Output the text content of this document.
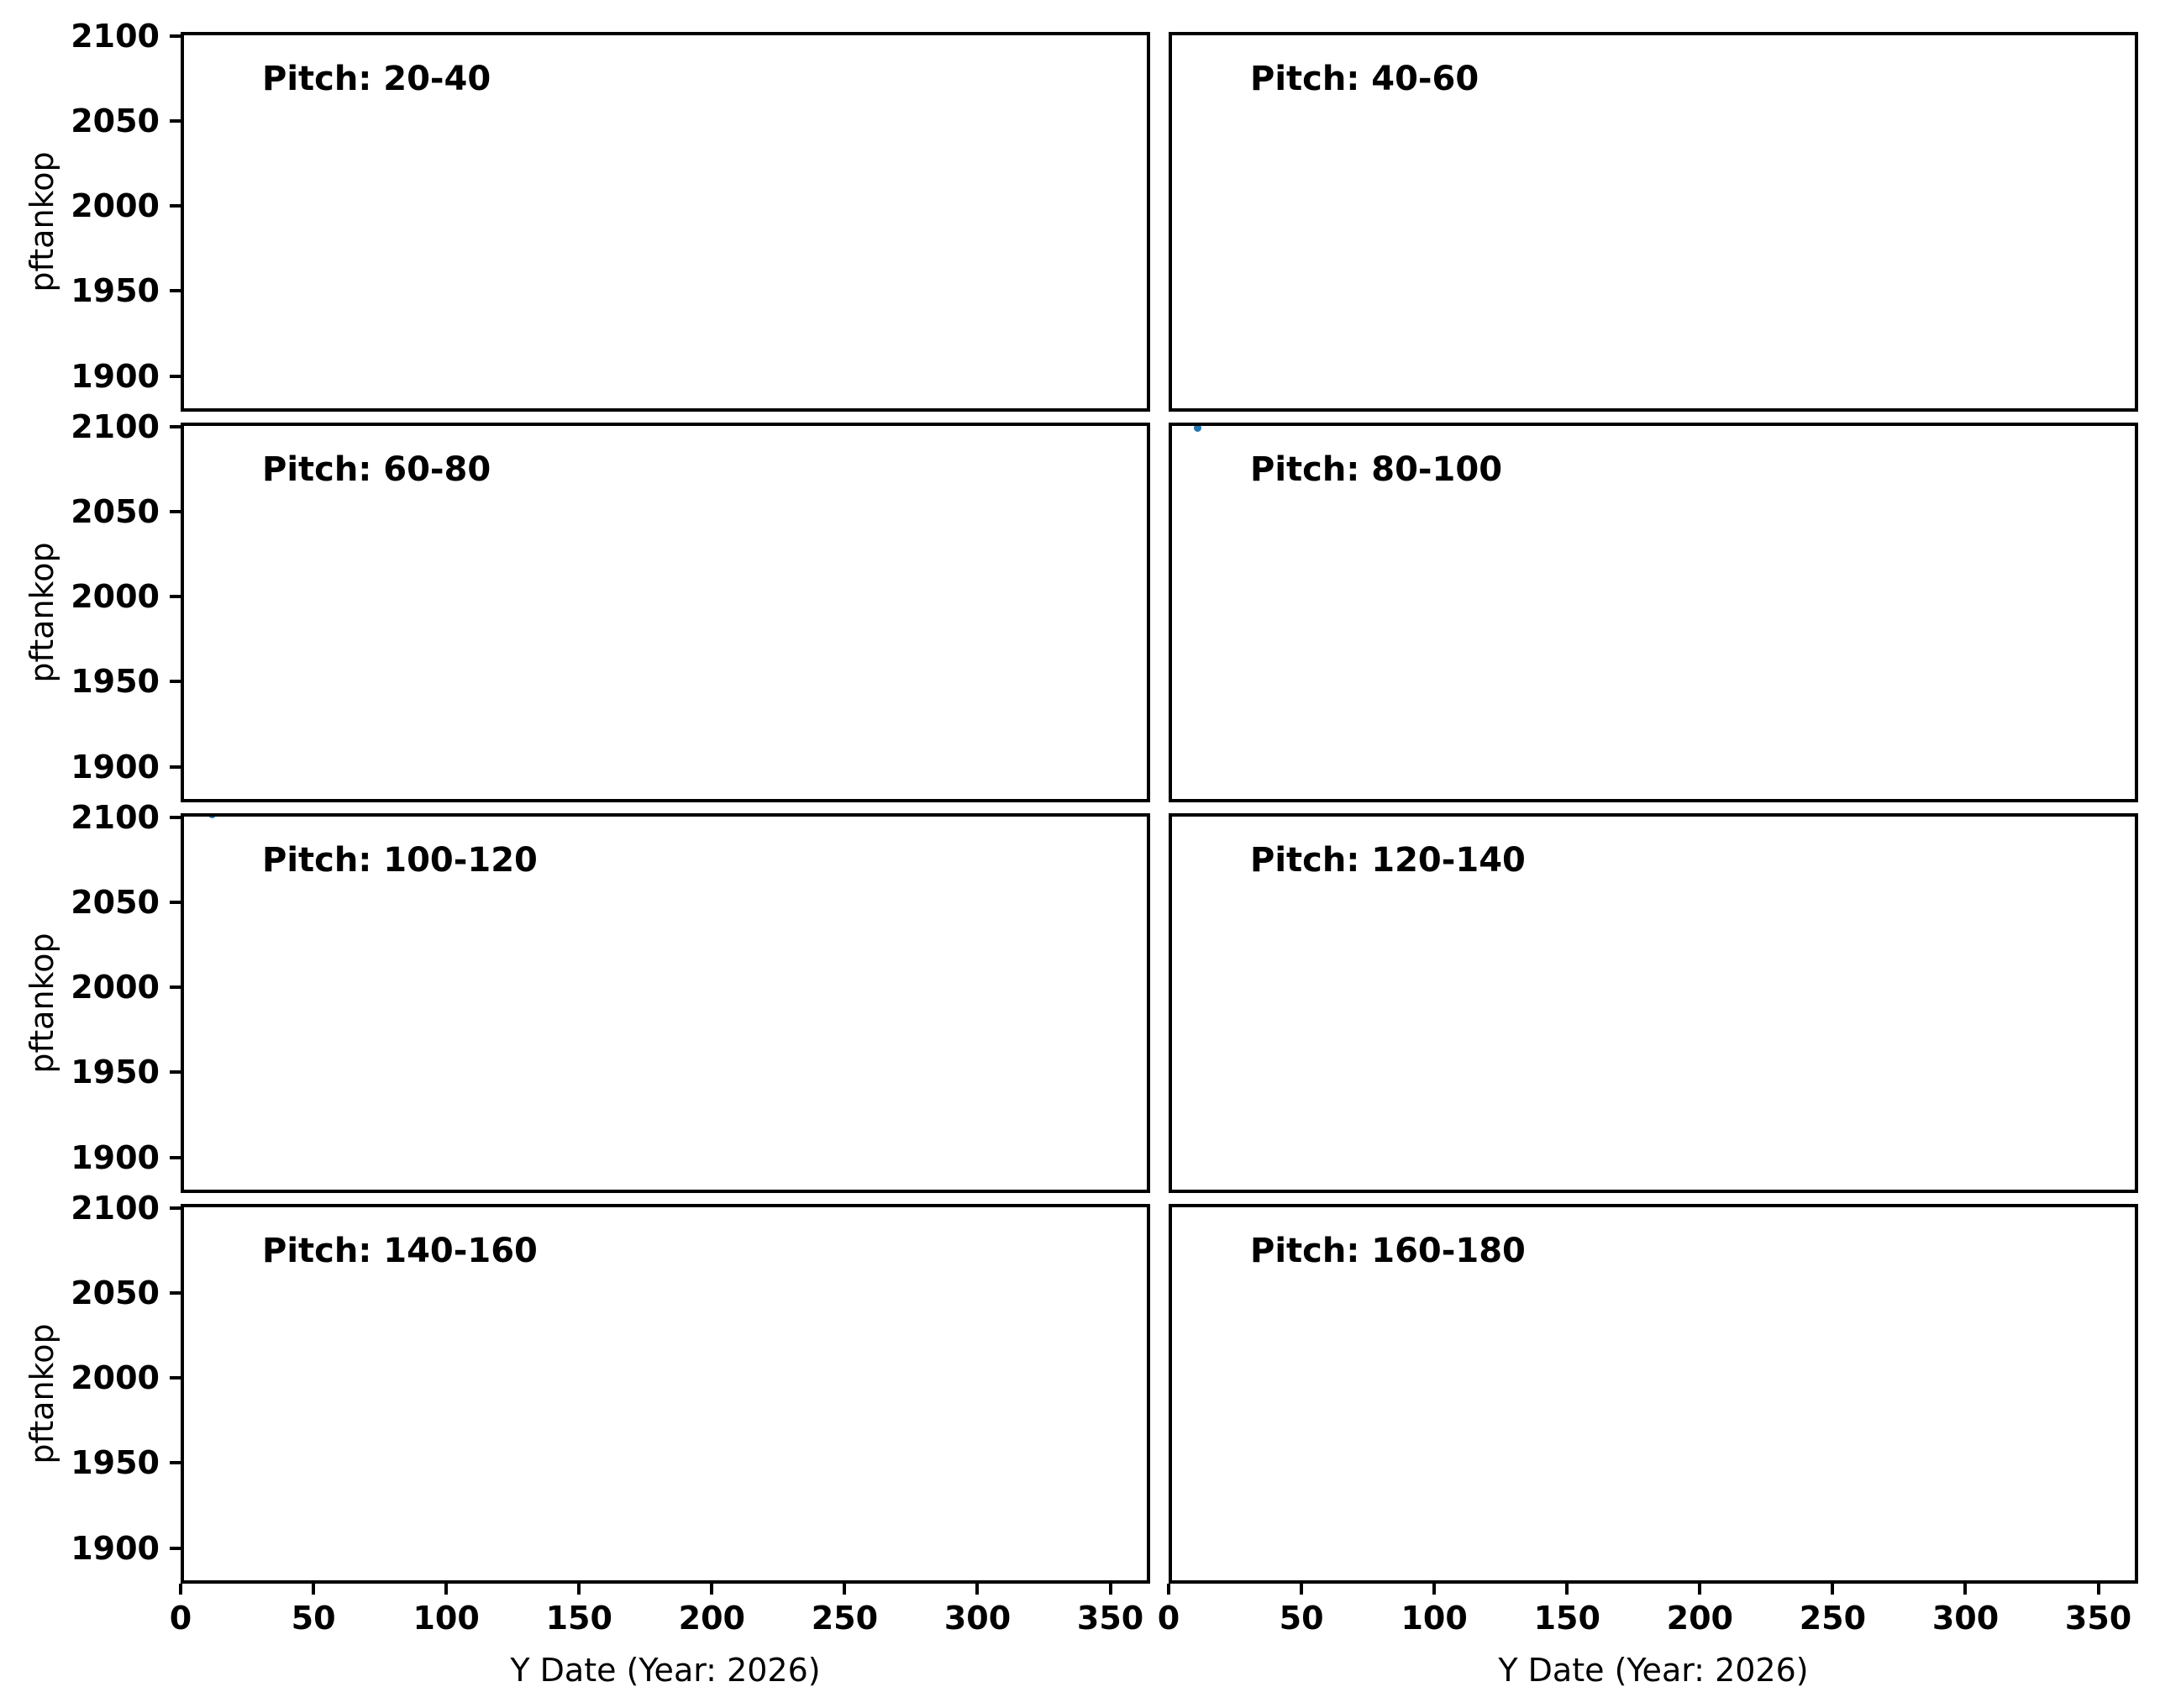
Pitch: 20-40
2100
2050
2000
1950
1900
pftankop
Pitch: 40-60
Pitch: 60-80
2100
2050
2000
1950
1900
pftankop
Pitch: 80-100
Pitch: 100-120
2100
2050
2000
1950
1900
pftankop
Pitch: 120-140
Pitch: 140-160
2100
2050
2000
1950
1900
pftankop
0	50	100	150	200	250	300	350
Y Date (Year: 2026)
Pitch: 160-180
0	50	100	150	200	250	300	350
Y Date (Year: 2026)
